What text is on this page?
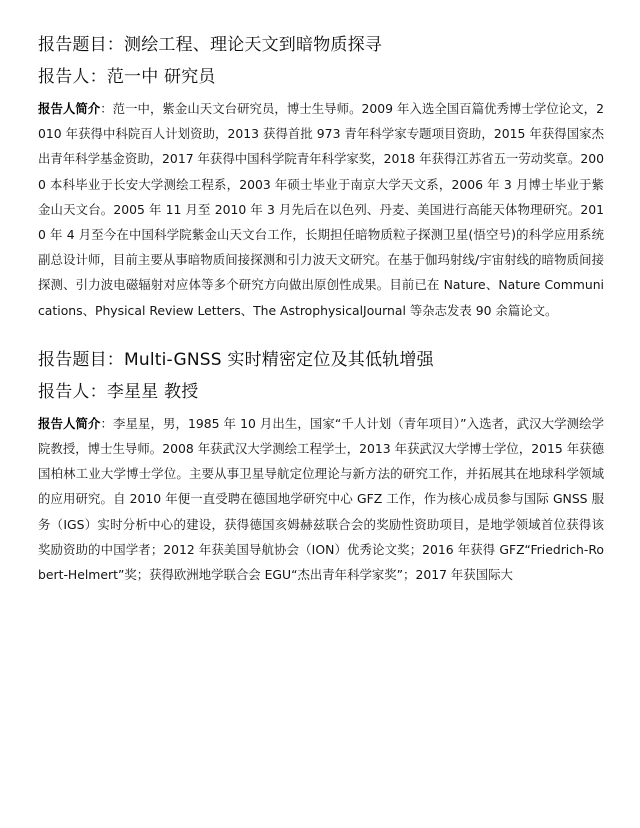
报告题目：测绘工程、理论天文到暗物质探寻

报告人：范一中 研究员

报告人简介：范一中，紫金山天文台研究员，博士生导师。2009 年入选全国百篇优秀博士学位论文，2010 年获得中科院百人计划资助，2013 获得首批 973 青年科学家专题项目资助，2015 年获得国家杰出青年科学基金资助，2017 年获得中国科学院青年科学家奖，2018 年获得江苏省五一劳动奖章。2000 本科毕业于长安大学测绘工程系，2003 年硕士毕业于南京大学天文系，2006 年 3 月博士毕业于紫金山天文台。2005 年 11 月至 2010 年 3 月先后在以色列、丹麦、美国进行高能天体物理研究。2010 年 4 月至今在中国科学院紫金山天文台工作，长期担任暗物质粒子探测卫星(悟空号)的科学应用系统副总设计师，目前主要从事暗物质间接探测和引力波天文研究。在基于伽玛射线/宇宙射线的暗物质间接探测、引力波电磁辐射对应体等多个研究方向做出原创性成果。目前已在 Nature、Nature Communications、Physical Review Letters、The AstrophysicalJournal 等杂志发表 90 余篇论文。

报告题目：Multi-GNSS 实时精密定位及其低轨增强

报告人：李星星 教授

报告人简介：李星星，男，1985 年 10 月出生，国家“千人计划（青年项目）”入选者，武汉大学测绘学院教授，博士生导师。2008 年获武汉大学测绘工程学士，2013 年获武汉大学博士学位，2015 年获德国柏林工业大学博士学位。主要从事卫星导航定位理论与新方法的研究工作，并拓展其在地球科学领域的应用研究。自 2010 年便一直受聘在德国地学研究中心 GFZ 工作，作为核心成员参与国际 GNSS 服务（IGS）实时分析中心的建设，获得德国亥姆赫兹联合会的奖励性资助项目，是地学领域首位获得该奖励资助的中国学者；2012 年获美国导航协会（ION）优秀论文奖；2016 年获得 GFZ“Friedrich-Robert-Helmert”奖；获得欧洲地学联合会 EGU“杰出青年科学家奖”；2017 年获国际大
